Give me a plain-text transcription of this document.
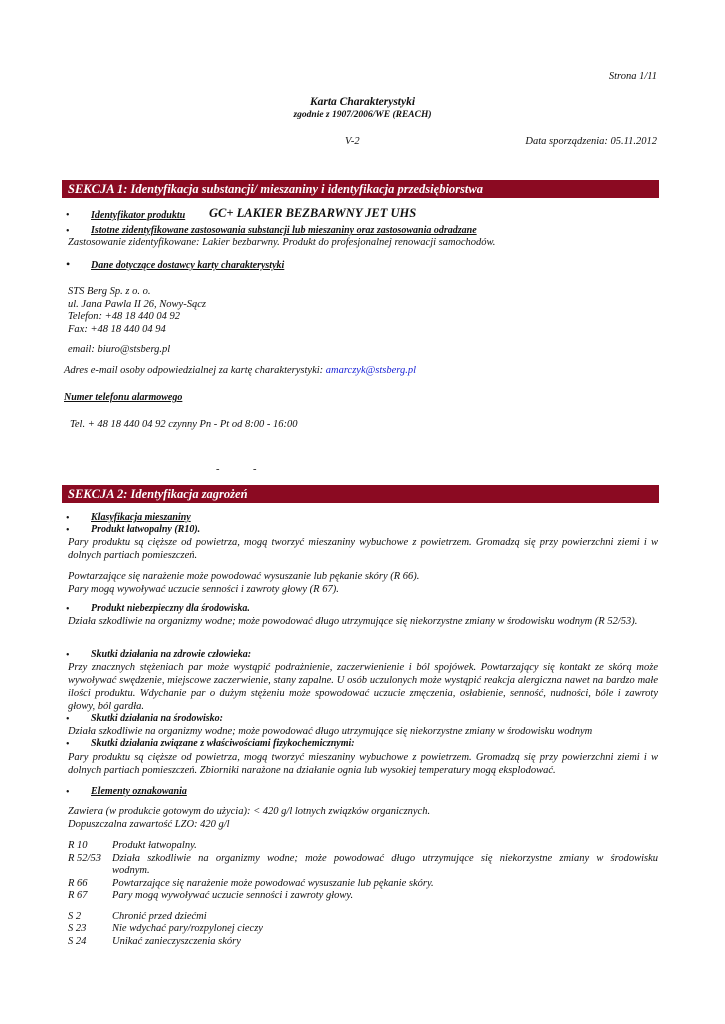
Strona 1/11
Karta Charakterystyki
zgodnie z 1907/2006/WE (REACH)
V-2	Data sporządzenia: 05.11.2012
SEKCJA 1: Identyfikacja substancji/ mieszaniny i identyfikacja przedsiębiorstwa
• Identyfikator produktu GC+ LAKIER BEZBARWNY JET UHS
• Istotne zidentyfikowane zastosowania substancji lub mieszaniny oraz zastosowania odradzane
Zastosowanie zidentyfikowane: Lakier bezbarwny. Produkt do profesjonalnej renowacji samochodów.
• Dane dotyczące dostawcy karty charakterystyki
STS Berg Sp. z o. o.
ul. Jana Pawla II 26, Nowy-Sącz
Telefon: +48 18 440 04 92
Fax: +48 18 440 04 94
email: biuro@stsberg.pl
Adres e-mail osoby odpowiedzialnej za kartę charakterystyki: amarczyk@stsberg.pl
Numer telefonu alarmowego
Tel. + 48 18 440 04 92 czynny Pn - Pt od 8:00 - 16:00
-	-
SEKCJA 2: Identyfikacja zagrożeń
• Klasyfikacja mieszaniny
• Produkt łatwopalny (R10).
Pary produktu są cięższe od powietrza, mogą tworzyć mieszaniny wybuchowe z powietrzem. Gromadzą się przy powierzchni ziemi i w dolnych partiach pomieszczeń.
Powtarzające się narażenie może powodować wysuszanie lub pękanie skóry (R 66).
Pary mogą wywoływać uczucie senności i zawroty głowy (R 67).
• Produkt niebezpieczny dla środowiska.
Działa szkodliwie na organizmy wodne; może powodować długo utrzymujące się niekorzystne zmiany w środowisku wodnym (R 52/53).
• Skutki działania na zdrowie człowieka:
Przy znacznych stężeniach par może wystąpić podrażnienie, zaczerwienienie i ból spojówek. Powtarzający się kontakt ze skórą może wywoływać swędzenie, miejscowe zaczerwienie, stany zapalne. U osób uczulonych może wystąpić reakcja alergiczna nawet na bardzo małe ilości produktu. Wdychanie par o dużym stężeniu może spowodować uczucie zmęczenia, osłabienie, senność, nudności, bóle i zawroty głowy, ból gardła.
• Skutki działania na środowisko:
Działa szkodliwie na organizmy wodne; może powodować długo utrzymujące się niekorzystne zmiany w środowisku wodnym
• Skutki działania związane z właściwościami fizykochemicznymi:
Pary produktu są cięższe od powietrza, mogą tworzyć mieszaniny wybuchowe z powietrzem. Gromadzą się przy powierzchni ziemi i w dolnych partiach pomieszczeń. Zbiorniki narażone na działanie ognia lub wysokiej temperatury mogą eksplodować.
• Elementy oznakowania
Zawiera (w produkcie gotowym do użycia): < 420 g/l lotnych związków organicznych.
Dopuszczalna zawartość LZO: 420 g/l
R 10 Produkt łatwopalny.
R 52/53 Działa szkodliwie na organizmy wodne; może powodować długo utrzymujące się niekorzystne zmiany w środowisku
wodnym.
R 66 Powtarzające się narażenie może powodować wysuszanie lub pękanie skóry.
R 67 Pary mogą wywoływać uczucie senności i zawroty głowy.
S 2	Chronić przed dziećmi
S 23 Nie wdychać pary/rozpylonej cieczy
S 24 Unikać zanieczyszczenia skóry
